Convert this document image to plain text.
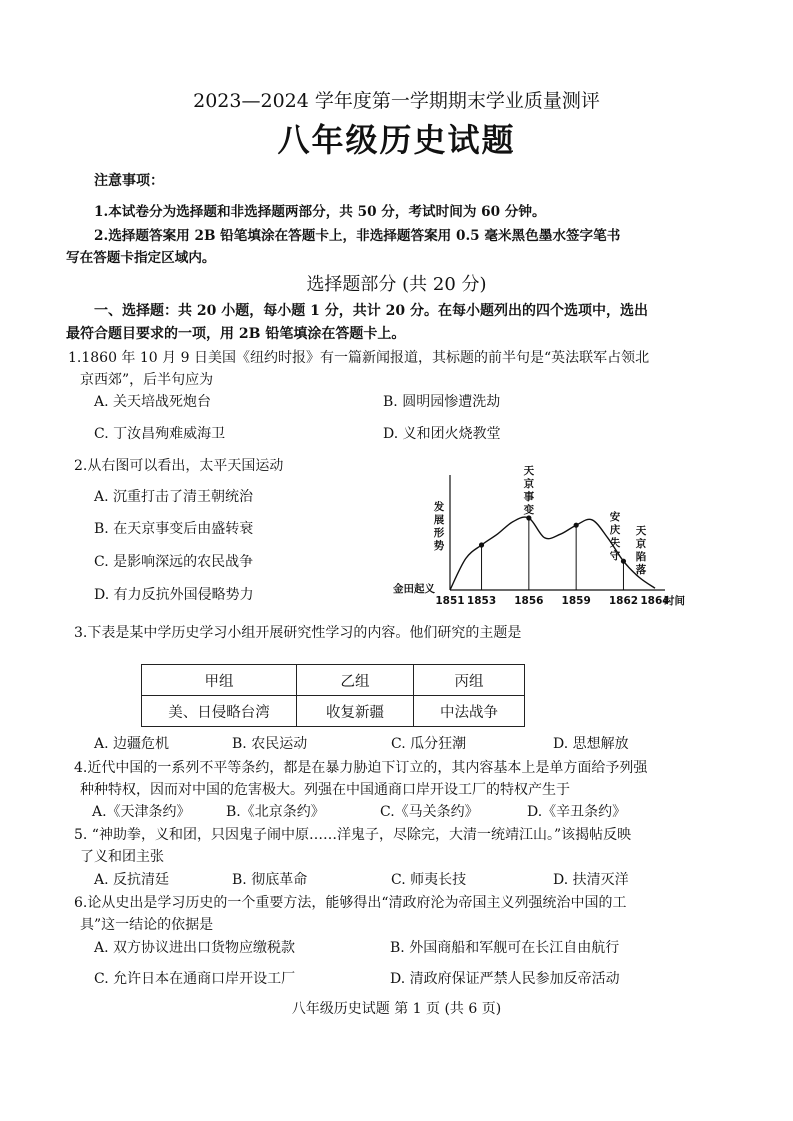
2023—2024 学年度第一学期期末学业质量测评
八年级历史试题
注意事项：
1.本试卷分为选择题和非选择题两部分，共 50 分，考试时间为 60 分钟。
2.选择题答案用 2B 铅笔填涂在答题卡上，非选择题答案用 0.5 毫米黑色墨水签字笔书
写在答题卡指定区域内。
选择题部分 (共 20 分)
一、选择题：共 20 小题，每小题 1 分，共计 20 分。在每小题列出的四个选项中，选出
最符合题目要求的一项，用 2B 铅笔填涂在答题卡上。
1.1860 年 10 月 9 日美国《纽约时报》有一篇新闻报道，其标题的前半句是“英法联军占领北
京西郊”，后半句应为
A. 关天培战死炮台	B. 圆明园惨遭洗劫
C. 丁汝昌殉难威海卫	D. 义和团火烧教堂
2.从右图可以看出，太平天国运动
A. 沉重打击了清王朝统治
B. 在天京事变后由盛转衰
C. 是影响深远的农民战争
D. 有力反抗外国侵略势力	1851 1853 1856 1859 1862 1864
发
展
形
势
时间
金田起义
天
京
事
变
安
庆
失
守
天
京
陷
落
3.下表是某中学历史学习小组开展研究性学习的内容。他们研究的主题是
甲组	乙组	丙组
美、日侵略台湾	收复新疆	中法战争
A. 边疆危机	B. 农民运动	C. 瓜分狂潮	D. 思想解放
4.近代中国的一系列不平等条约，都是在暴力胁迫下订立的，其内容基本上是单方面给予列强
种种特权，因而对中国的危害极大。列强在中国通商口岸开设工厂的特权产生于
A.《天津条约》	B.《北京条约》	C.《马关条约》	D.《辛丑条约》
5. “神助拳，义和团，只因鬼子闹中原……洋鬼子，尽除完，大清一统靖江山。”该揭帖反映
了义和团主张
A. 反抗清廷	B. 彻底革命	C. 师夷长技	D. 扶清灭洋
6.论从史出是学习历史的一个重要方法，能够得出“清政府沦为帝国主义列强统治中国的工
具”这一结论的依据是
A. 双方协议进出口货物应缴税款	B. 外国商船和军舰可在长江自由航行
C. 允许日本在通商口岸开设工厂	D. 清政府保证严禁人民参加反帝活动
八年级历史试题 第 1 页 (共 6 页)
